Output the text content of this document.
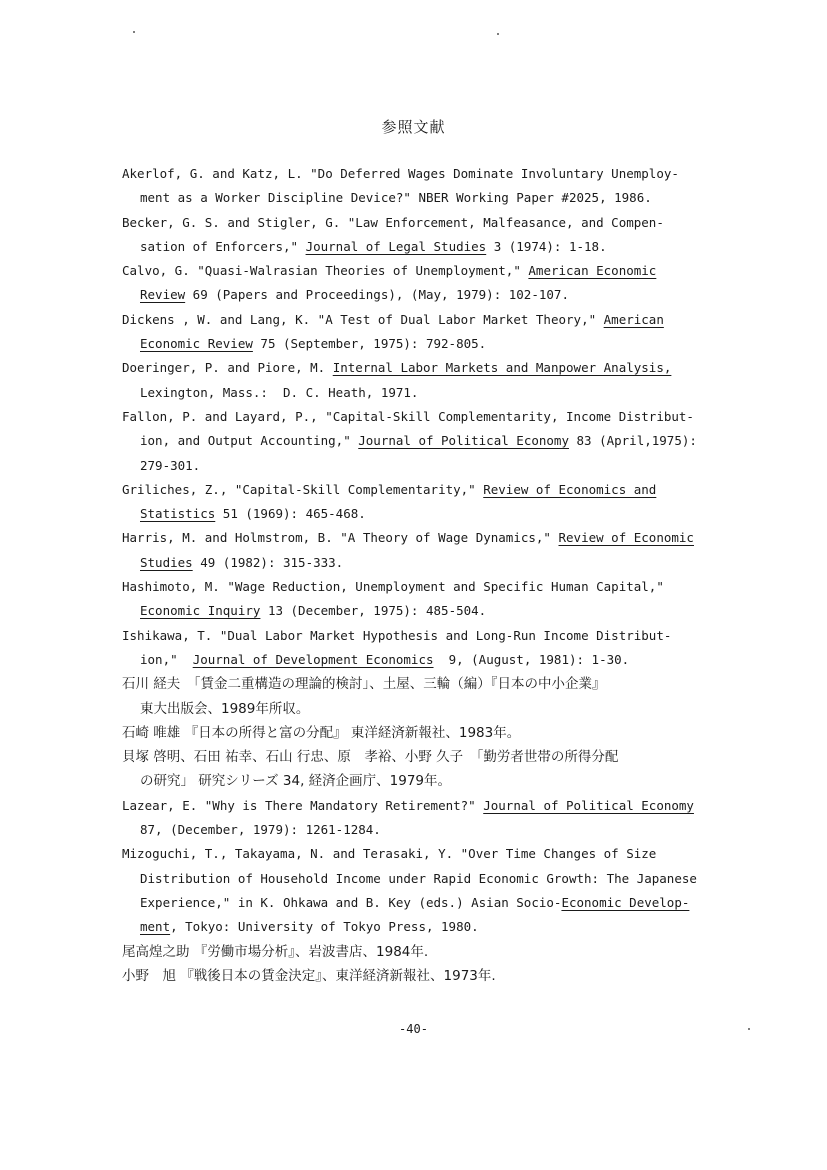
参照文献
Akerlof, G. and Katz, L. "Do Deferred Wages Dominate Involuntary Unemploy-
ment as a Worker Discipline Device?" NBER Working Paper #2025, 1986.
Becker, G. S. and Stigler, G. "Law Enforcement, Malfeasance, and Compen-
sation of Enforcers," Journal of Legal Studies 3 (1974): 1-18.
Calvo, G. "Quasi-Walrasian Theories of Unemployment," American Economic
Review 69 (Papers and Proceedings), (May, 1979): 102-107.
Dickens , W. and Lang, K. "A Test of Dual Labor Market Theory," American
Economic Review 75 (September, 1975): 792-805.
Doeringer, P. and Piore, M. Internal Labor Markets and Manpower Analysis,
Lexington, Mass.:  D. C. Heath, 1971.
Fallon, P. and Layard, P., "Capital-Skill Complementarity, Income Distribut-
ion, and Output Accounting," Journal of Political Economy 83 (April,1975):
279-301.
Griliches, Z., "Capital-Skill Complementarity," Review of Economics and
Statistics 51 (1969): 465-468.
Harris, M. and Holmstrom, B. "A Theory of Wage Dynamics," Review of Economic
Studies 49 (1982): 315-333.
Hashimoto, M. "Wage Reduction, Unemployment and Specific Human Capital,"
Economic Inquiry 13 (December, 1975): 485-504.
Ishikawa, T. "Dual Labor Market Hypothesis and Long-Run Income Distribut-
ion,"  Journal of Development Economics  9, (August, 1981): 1-30.
石川 経夫　「賃金二重構造の理論的検討」、土屋、三輪（編）『日本の中小企業』
東大出版会、1989年所収。
石崎 唯雄 『日本の所得と富の分配』 東洋経済新報社、1983年。
貝塚 啓明、石田 祐幸、石山 行忠、原　孝裕、小野 久子　「勤労者世帯の所得分配
の研究」 研究シリーズ 34, 経済企画庁、1979年。
Lazear, E. "Why is There Mandatory Retirement?" Journal of Political Economy
87, (December, 1979): 1261-1284.
Mizoguchi, T., Takayama, N. and Terasaki, Y. "Over Time Changes of Size
Distribution of Household Income under Rapid Economic Growth: The Japanese
Experience," in K. Ohkawa and B. Key (eds.) Asian Socio-Economic Develop-
ment, Tokyo: University of Tokyo Press, 1980.
尾高煌之助 『労働市場分析』、岩波書店、1984年.
小野　旭 『戦後日本の賃金決定』、東洋経済新報社、1973年.
-40-
